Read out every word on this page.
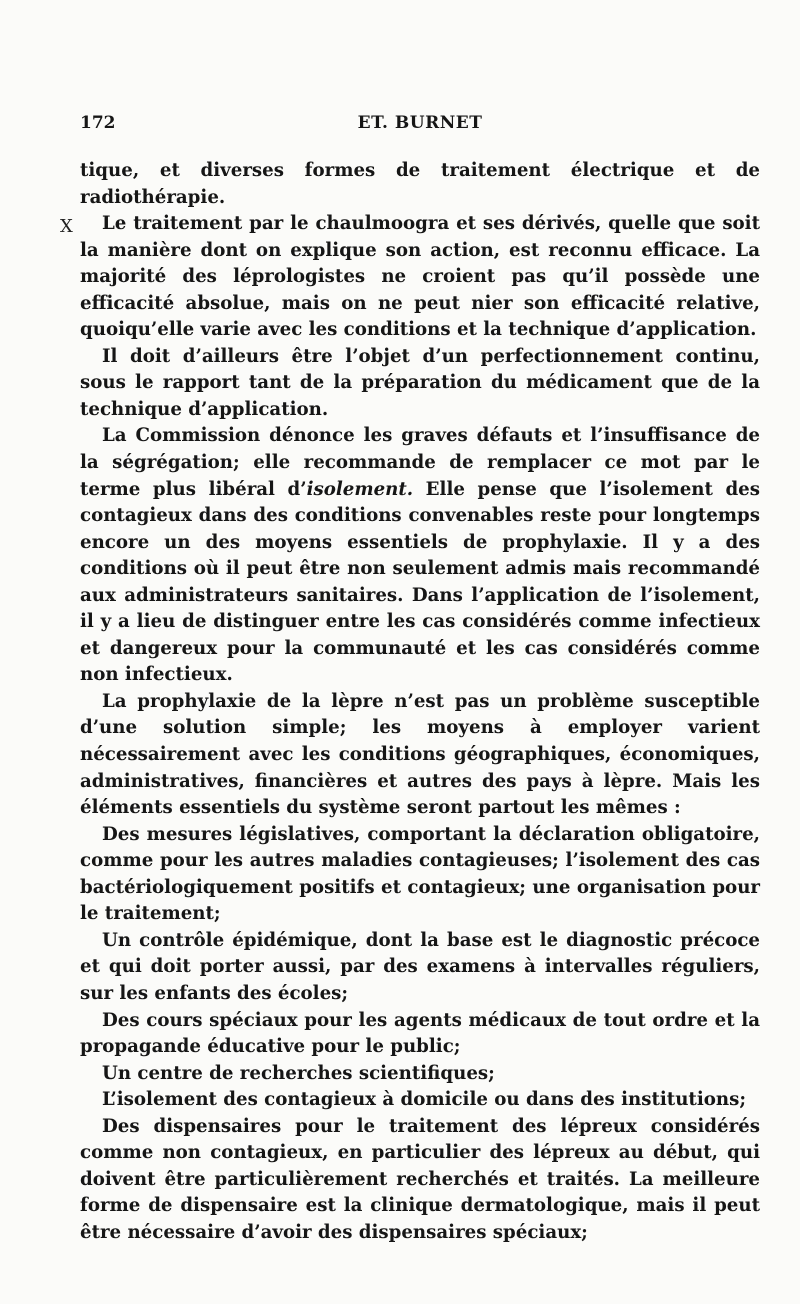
172	ET. BURNET
X

tique, et diverses formes de traitement électrique et de radiothérapie.

Le traitement par le chaulmoogra et ses dérivés, quelle que soit la manière dont on explique son action, est reconnu efficace. La majorité des léprologistes ne croient pas qu’il possède une efficacité absolue, mais on ne peut nier son efficacité relative, quoiqu’elle varie avec les conditions et la technique d’application.

Il doit d’ailleurs être l’objet d’un perfectionnement continu, sous le rapport tant de la préparation du médicament que de la technique d’application.

La Commission dénonce les graves défauts et l’insuffisance de la ségrégation; elle recommande de remplacer ce mot par le terme plus libéral d’isolement. Elle pense que l’isolement des contagieux dans des conditions convenables reste pour longtemps encore un des moyens essentiels de prophylaxie. Il y a des conditions où il peut être non seulement admis mais recommandé aux administrateurs sanitaires. Dans l’application de l’isolement, il y a lieu de distinguer entre les cas considérés comme infectieux et dangereux pour la communauté et les cas considérés comme non infectieux.

La prophylaxie de la lèpre n’est pas un problème susceptible d’une solution simple; les moyens à employer varient nécessairement avec les conditions géographiques, économiques, administratives, financières et autres des pays à lèpre. Mais les éléments essentiels du système seront partout les mêmes :

Des mesures législatives, comportant la déclaration obligatoire, comme pour les autres maladies contagieuses; l’isolement des cas bactériologiquement positifs et contagieux; une organisation pour le traitement;

Un contrôle épidémique, dont la base est le diagnostic précoce et qui doit porter aussi, par des examens à intervalles réguliers, sur les enfants des écoles;

Des cours spéciaux pour les agents médicaux de tout ordre et la propagande éducative pour le public;

Un centre de recherches scientifiques;

L’isolement des contagieux à domicile ou dans des institutions;

Des dispensaires pour le traitement des lépreux considérés comme non contagieux, en particulier des lépreux au début, qui doivent être particulièrement recherchés et traités. La meilleure forme de dispensaire est la clinique dermatologique, mais il peut être nécessaire d’avoir des dispensaires spéciaux;
